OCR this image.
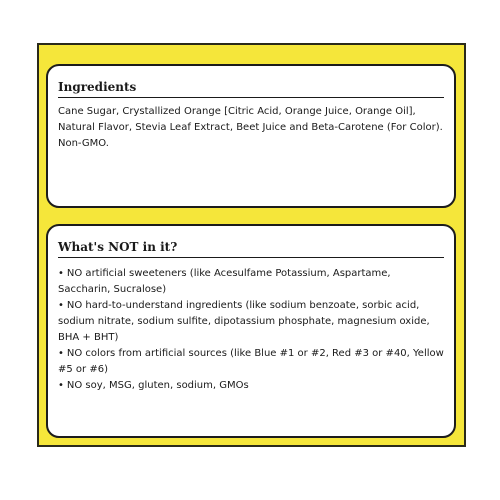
Ingredients

Cane Sugar, Crystallized Orange [Citric Acid, Orange Juice, Orange Oil], Natural Flavor, Stevia Leaf Extract, Beet Juice and Beta-Carotene (For Color). Non-GMO.

What's NOT in it?
• NO artificial sweeteners (like Acesulfame Potassium, Aspartame, Saccharin, Sucralose)
• NO hard-to-understand ingredients (like sodium benzoate, sorbic acid, sodium nitrate, sodium sulfite, dipotassium phosphate, magnesium oxide, BHA + BHT)
• NO colors from artificial sources (like Blue #1 or #2, Red #3 or #40, Yellow #5 or #6)
• NO soy, MSG, gluten, sodium, GMOs
